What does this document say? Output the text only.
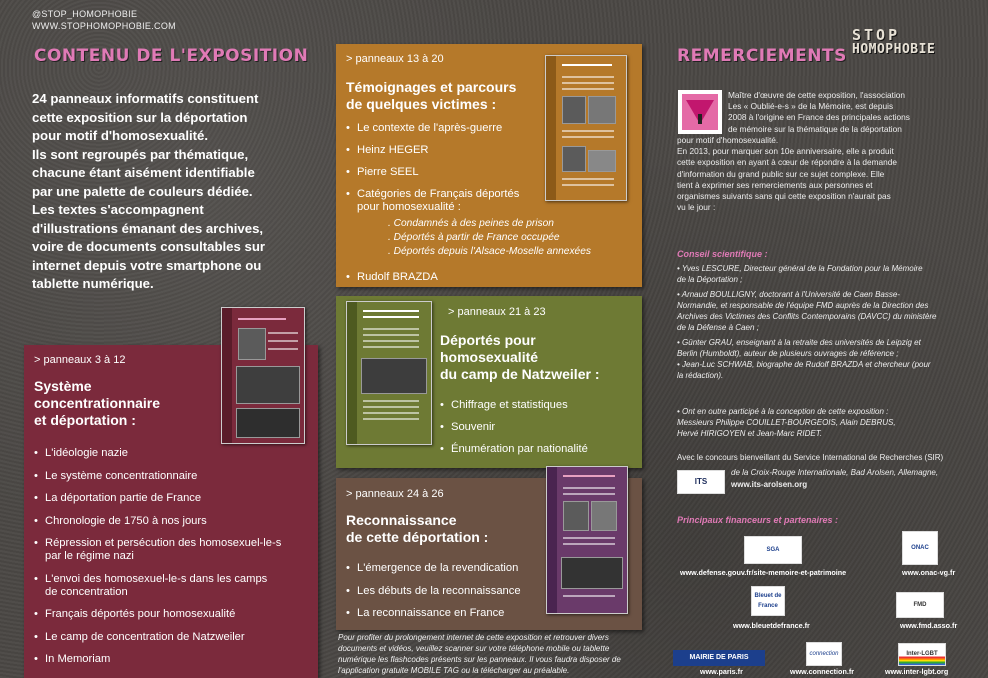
@STOP_HOMOPHOBIE
WWW.STOPHOMOPHOBIE.COM
CONTENU DE L'EXPOSITION
24 panneaux informatifs constituent
cette exposition sur la déportation
pour motif d'homosexualité.
Ils sont regroupés par thématique,
chacune étant aisément identifiable
par une palette de couleurs dédiée.
Les textes s'accompagnent
d'illustrations émanant des archives,
voire de documents consultables sur
internet depuis votre smartphone ou
tablette numérique.
> panneaux 3 à 12
Système
concentrationnaire
et déportation :
• L'idéologie nazie
• Le système concentrationnaire
• La déportation partie de France
• Chronologie de 1750 à nos jours
• Répression et persécution des homosexuel-le-s
par le régime nazi
• L'envoi des homosexuel-le-s dans les camps
de concentration
• Français déportés pour homosexualité
• Le camp de concentration de Natzweiler
• In Memoriam
> panneaux 13 à 20
Témoignages et parcours
de quelques victimes :
• Le contexte de l'après-guerre
• Heinz HEGER
• Pierre SEEL
• Catégories de Français déportés
pour homosexualité :
. Condamnés à des peines de prison
. Déportés à partir de France occupée
. Déportés depuis l'Alsace-Moselle annexées
• Rudolf BRAZDA
> panneaux 21 à 23
Déportés pour
homosexualité
du camp de Natzweiler :
• Chiffrage et statistiques
• Souvenir
• Énumération par nationalité
> panneaux 24 à 26
Reconnaissance
de cette déportation :
• L'émergence de la revendication
• Les débuts de la reconnaissance
• La reconnaissance en France
Pour profiter du prolongement internet de cette exposition et retrouver divers
documents et vidéos, veuillez scanner sur votre téléphone mobile ou tablette
numérique les flashcodes présents sur les panneaux. Il vous faudra disposer de
l'application gratuite MOBILE TAG ou la télécharger au préalable.
REMERCIEMENTS
STOP
HOMOPHOBIE
Maître d'œuvre de cette exposition, l'association
Les « Oublié-e-s » de la Mémoire, est depuis
2008 à l'origine en France des principales actions
de mémoire sur la thématique de la déportation
pour motif d'homosexualité.
En 2013, pour marquer son 10e anniversaire, elle a produit
cette exposition en ayant à cœur de répondre à la demande
d'information du grand public sur ce sujet complexe. Elle
tient à exprimer ses remerciements aux personnes et
organismes suivants sans qui cette exposition n'aurait pas
vu le jour :
Conseil scientifique :
• Yves LESCURE, Directeur général de la Fondation pour la Mémoire
de la Déportation ;
• Arnaud BOULLIGNY, doctorant à l'Université de Caen Basse-
Normandie, et responsable de l'équipe FMD auprès de la Direction des
Archives des Victimes des Conflits Contemporains (DAVCC) du ministère
de la Défense à Caen ;
• Günter GRAU, enseignant à la retraite des universités de Leipzig et
Berlin (Humboldt), auteur de plusieurs ouvrages de référence ;
• Jean-Luc SCHWAB, biographe de Rudolf BRAZDA et chercheur (pour
la rédaction).
• Ont en outre participé à la conception de cette exposition :
Messieurs Philippe COUILLET-BOURGEOIS, Alain DEBRUS,
Hervé HIRIGOYEN et Jean-Marc RIDET.
Avec le concours bienveillant du Service International de Recherches (SIR)
ITS
de la Croix-Rouge Internationale, Bad Arolsen, Allemagne,
www.its-arolsen.org
Principaux financeurs et partenaires :
SGA
www.defense.gouv.fr/site-memoire-et-patrimoine
ONAC
www.onac-vg.fr
Bleuet de France
www.bleuetdefrance.fr
FMD
www.fmd.asso.fr
MAIRIE DE PARIS
www.paris.fr
connection
www.connection.fr
Inter-LGBT
www.inter-lgbt.org
